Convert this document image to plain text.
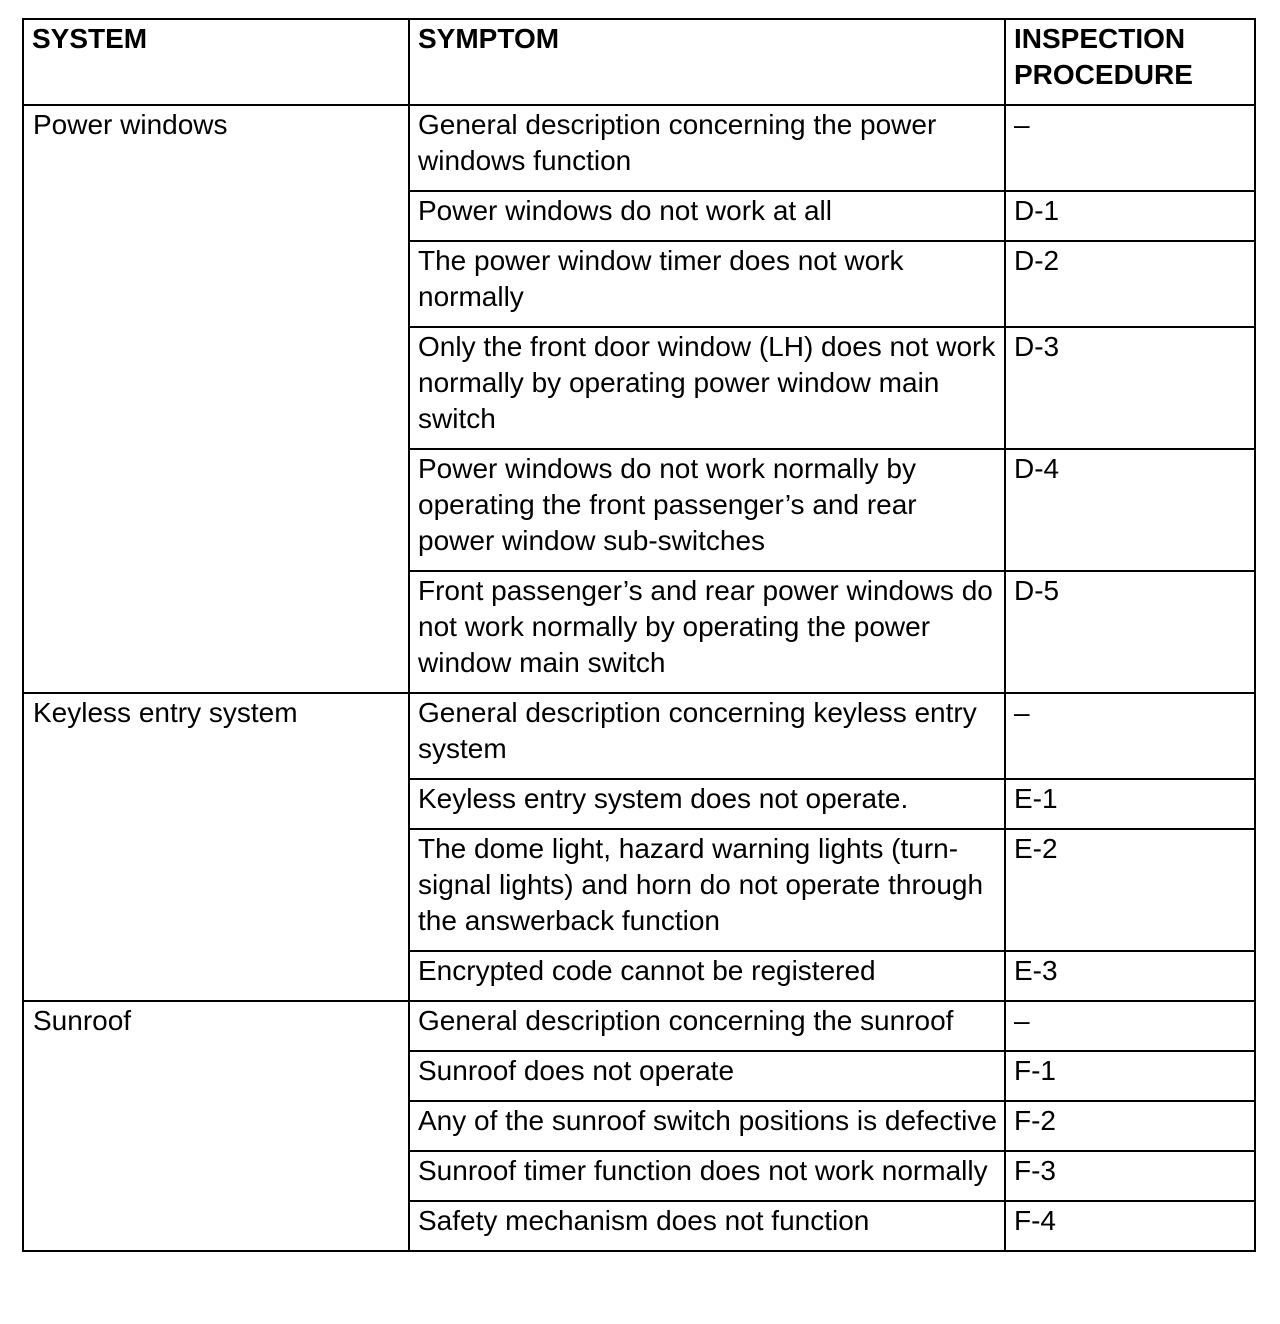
SYSTEM	SYMPTOM	INSPECTION PROCEDURE
Power windows	General description concerning the power windows function	–
	Power windows do not work at all	D-1
	The power window timer does not work normally	D-2
	Only the front door window (LH) does not work normally by operating power window main switch	D-3
	Power windows do not work normally by operating the front passenger’s and rear power window sub-switches	D-4
	Front passenger’s and rear power windows do not work normally by operating the power window main switch	D-5
Keyless entry system	General description concerning keyless entry system	–
	Keyless entry system does not operate.	E-1
	The dome light, hazard warning lights (turn-signal lights) and horn do not operate through the answerback function	E-2
	Encrypted code cannot be registered	E-3
Sunroof	General description concerning the sunroof	–
	Sunroof does not operate	F-1
	Any of the sunroof switch positions is defective	F-2
	Sunroof timer function does not work normally	F-3
	Safety mechanism does not function	F-4
